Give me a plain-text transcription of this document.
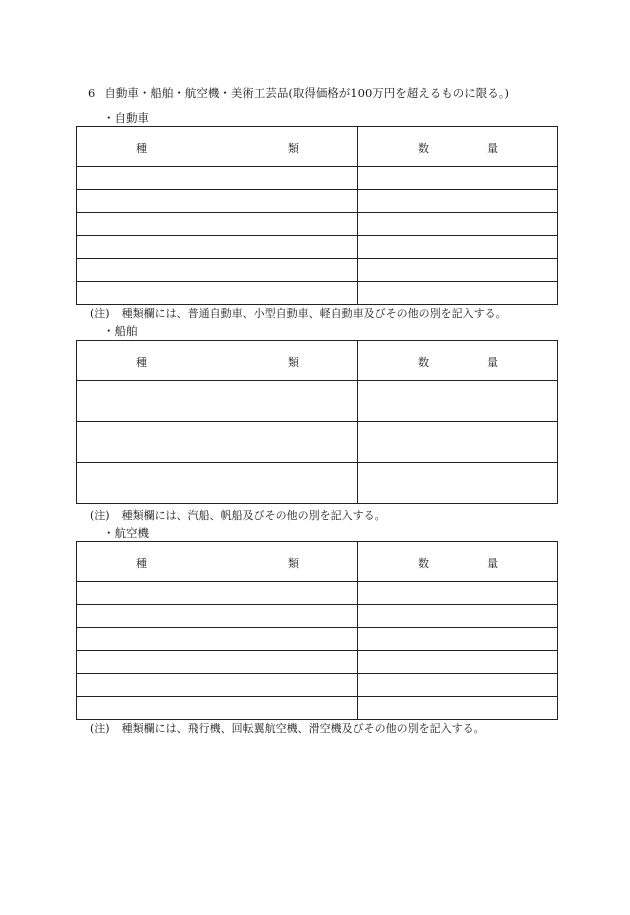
6 自動車・船舶・航空機・美術工芸品(取得価格が100万円を超えるものに限る。)
・自動車
種 類	数 量

(注) 種類欄には、普通自動車、小型自動車、軽自動車及びその他の別を記入する。
・船舶
種 類	数 量

(注) 種類欄には、汽船、帆船及びその他の別を記入する。
・航空機
種 類	数 量

(注) 種類欄には、飛行機、回転翼航空機、滑空機及びその他の別を記入する。
